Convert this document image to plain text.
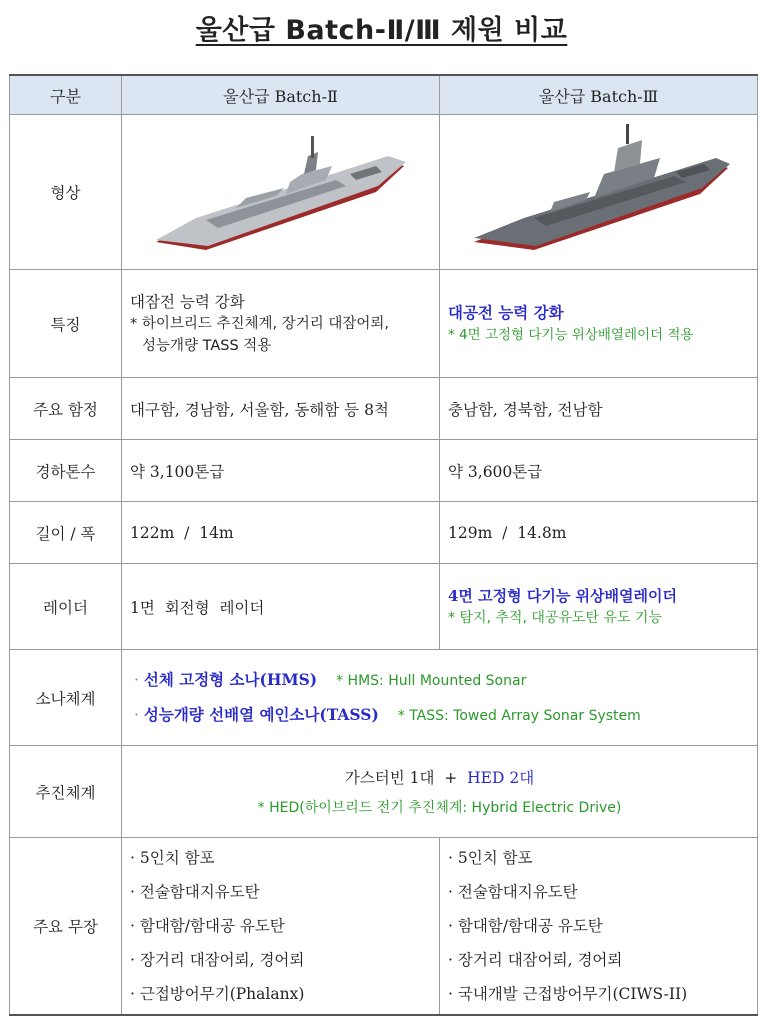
울산급 Batch-Ⅱ/Ⅲ 제원 비교
구분	울산급 Batch-Ⅱ	울산급 Batch-Ⅲ
형상	

특징	대잠전 능력 강화
* 하이브리드 추진체계, 장거리 대잠어뢰,
성능개량 TASS 적용	대공전 능력 강화
* 4면 고정형 다기능 위상배열레이더 적용

주요 함정	대구함, 경남함, 서울함, 동해함 등 8척	충남함, 경북함, 전남함
경하톤수	약 3,100톤급	약 3,600톤급
길이 / 폭	122m  /  14m	129m  /  14.8m
레이더	1면  회전형  레이더	4면 고정형 다기능 위상배열레이더
* 탐지, 추적, 대공유도탄 유도 기능

소나체계	· 선체 고정형 소나(HMS) * HMS: Hull Mounted Sonar
· 성능개량 선배열 예인소나(TASS) * TASS: Towed Array Sonar System	

추진체계	가스터빈 1대  +  HED 2대
* HED(하이브리드 전기 추진체계: Hybrid Electric Drive)	

주요 무장	· 5인치 함포
· 전술함대지유도탄
· 함대함/함대공 유도탄
· 장거리 대잠어뢰, 경어뢰
· 근접방어무기(Phalanx)	· 5인치 함포
· 전술함대지유도탄
· 함대함/함대공 유도탄
· 장거리 대잠어뢰, 경어뢰
· 국내개발 근접방어무기(CIWS-II)
